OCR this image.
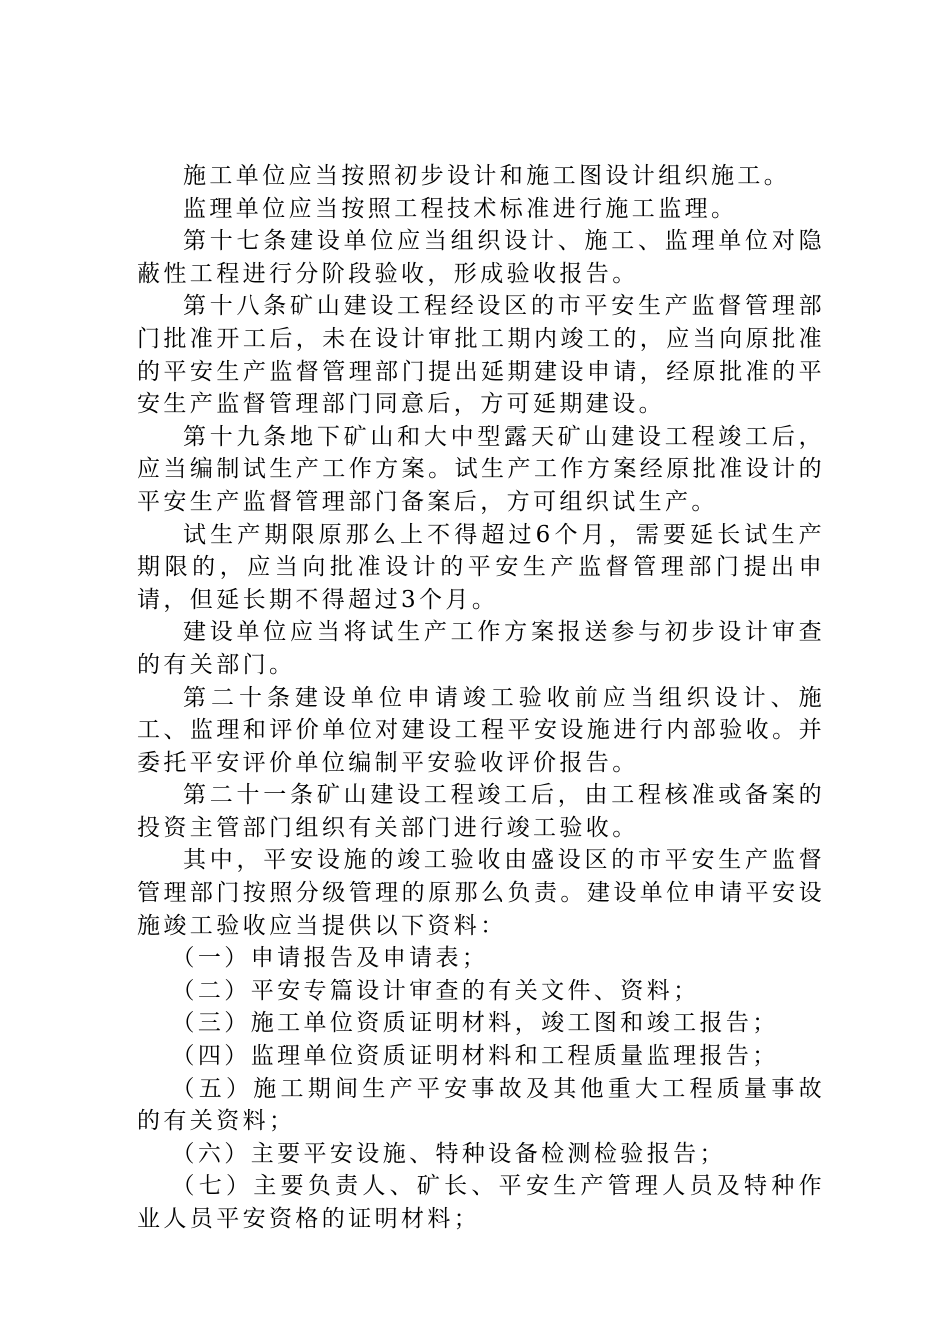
施工单位应当按照初步设计和施工图设计组织施工。

监理单位应当按照工程技术标准进行施工监理。

第十七条建设单位应当组织设计、施工、监理单位对隐蔽性工程进行分阶段验收，形成验收报告。

第十八条矿山建设工程经设区的市平安生产监督管理部门批准开工后，未在设计审批工期内竣工的，应当向原批准的平安生产监督管理部门提出延期建设申请，经原批准的平安生产监督管理部门同意后，方可延期建设。

第十九条地下矿山和大中型露天矿山建设工程竣工后，应当编制试生产工作方案。试生产工作方案经原批准设计的平安生产监督管理部门备案后，方可组织试生产。

试生产期限原那么上不得超过6个月，需要延长试生产期限的，应当向批准设计的平安生产监督管理部门提出申请，但延长期不得超过3个月。

建设单位应当将试生产工作方案报送参与初步设计审查的有关部门。

第二十条建设单位申请竣工验收前应当组织设计、施工、监理和评价单位对建设工程平安设施进行内部验收。并委托平安评价单位编制平安验收评价报告。

第二十一条矿山建设工程竣工后，由工程核准或备案的投资主管部门组织有关部门进行竣工验收。

其中，平安设施的竣工验收由盛设区的市平安生产监督管理部门按照分级管理的原那么负责。建设单位申请平安设施竣工验收应当提供以下资料：

（一）申请报告及申请表；

（二）平安专篇设计审查的有关文件、资料；

（三）施工单位资质证明材料，竣工图和竣工报告；

（四）监理单位资质证明材料和工程质量监理报告；

（五）施工期间生产平安事故及其他重大工程质量事故的有关资料；

（六）主要平安设施、特种设备检测检验报告；

（七）主要负责人、矿长、平安生产管理人员及特种作业人员平安资格的证明材料；
